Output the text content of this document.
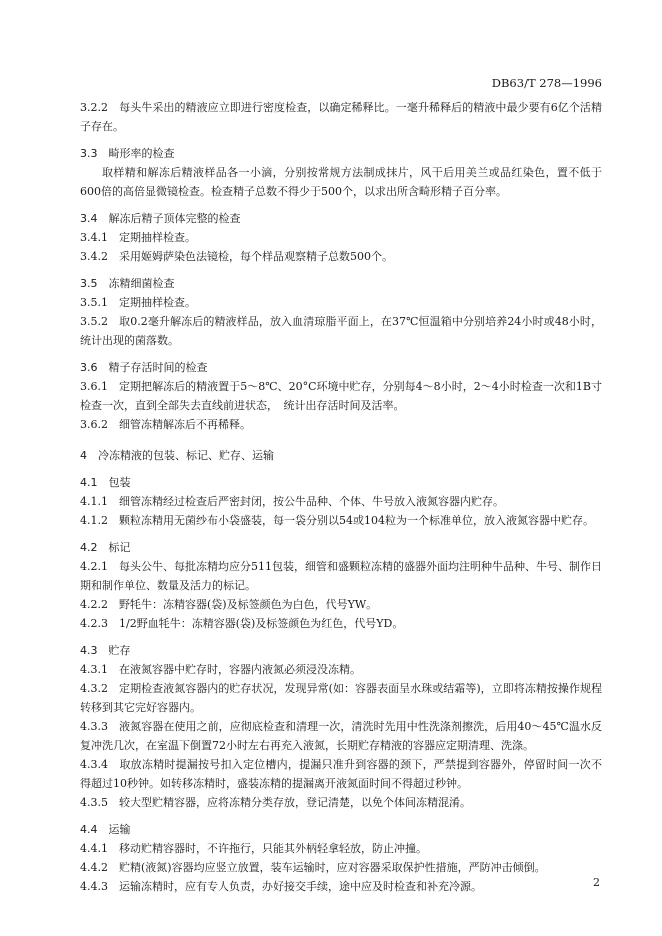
DB63/T 278—1996
3.2.2　每头牛采出的精液应立即进行密度检查，以确定稀释比。一毫升稀释后的精液中最少要有6亿个活精子存在。
3.3　畸形率的检查
取样精和解冻后精液样品各一小滴，分别按常规方法制成抹片，风干后用美兰或品红染色，置不低于600倍的高倍显微镜检查。检查精子总数不得少于500个，以求出所含畸形精子百分率。
3.4　解冻后精子顶体完整的检查
3.4.1　定期抽样检查。
3.4.2　采用姬姆萨染色法镜检，每个样品观察精子总数500个。
3.5　冻精细菌检查
3.5.1　定期抽样检查。
3.5.2　取0.2毫升解冻后的精液样品，放入血清琼脂平面上，在37℃恒温箱中分别培养24小时或48小时，统计出现的菌落数。
3.6　精子存活时间的检查
3.6.1　定期把解冻后的精液置于5～8℃、20°C环境中贮存，分别每4～8小时，2～4小时检查一次和1B寸检查一次，直到全部失去直线前进状态，　统计出存活时间及活率。
3.6.2　细管冻精解冻后不再稀释。
4　冷冻精液的包装、标记、贮存、运输
4.1　包装
4.1.1　细管冻精经过检查后严密封闭，按公牛品种、个体、牛号放入液氮容器内贮存。
4.1.2　颗粒冻精用无菌纱布小袋盛装，每一袋分别以54或104粒为一个标准单位，放入液氮容器中贮存。
4.2　标记
4.2.1　每头公牛、每批冻精均应分511包装，细管和盛颗粒冻精的盛器外面均注明种牛品种、牛号、制作日期和制作单位、数量及活力的标记。
4.2.2　野牦牛：冻精容器(袋)及标签颜色为白色，代号YW。
4.2.3　1/2野血牦牛：冻精容器(袋)及标签颜色为红色，代号YD。
4.3　贮存
4.3.1　在液氮容器中贮存时，容器内液氮必须浸没冻精。
4.3.2　定期检查液氮容器内的贮存状况，发现异常(如：容器表面呈水珠或结霜等)，立即将冻精按操作规程转移到其它完好容器内。
4.3.3　液氮容器在使用之前，应彻底检查和清理一次，清洗时先用中性洗涤剂擦洗，后用40～45℃温水反复冲洗几次，在室温下倒置72小时左右再充入液氮，长期贮存精液的容器应定期清理、洗涤。
4.3.4　取放冻精时提漏按号扣入定位槽内，提漏只准升到容器的颈下，严禁提到容器外，停留时间一次不得超过10秒钟。如转移冻精时，盛装冻精的提漏离开液氮面时间不得超过秒钟。
4.3.5　较大型贮精容器，应将冻精分类存放，登记清楚，以免个体间冻精混淆。
4.4　运输
4.4.1　移动贮精容器时，不许拖行，只能其外柄轻拿轻放，防止冲撞。
4.4.2　贮精(液氮)容器均应竖立放置，装车运输时，应对容器采取保护性措施，严防冲击倾倒。
4.4.3　运输冻精时，应有专人负责，办好接交手续，途中应及时检查和补充冷源。	2
